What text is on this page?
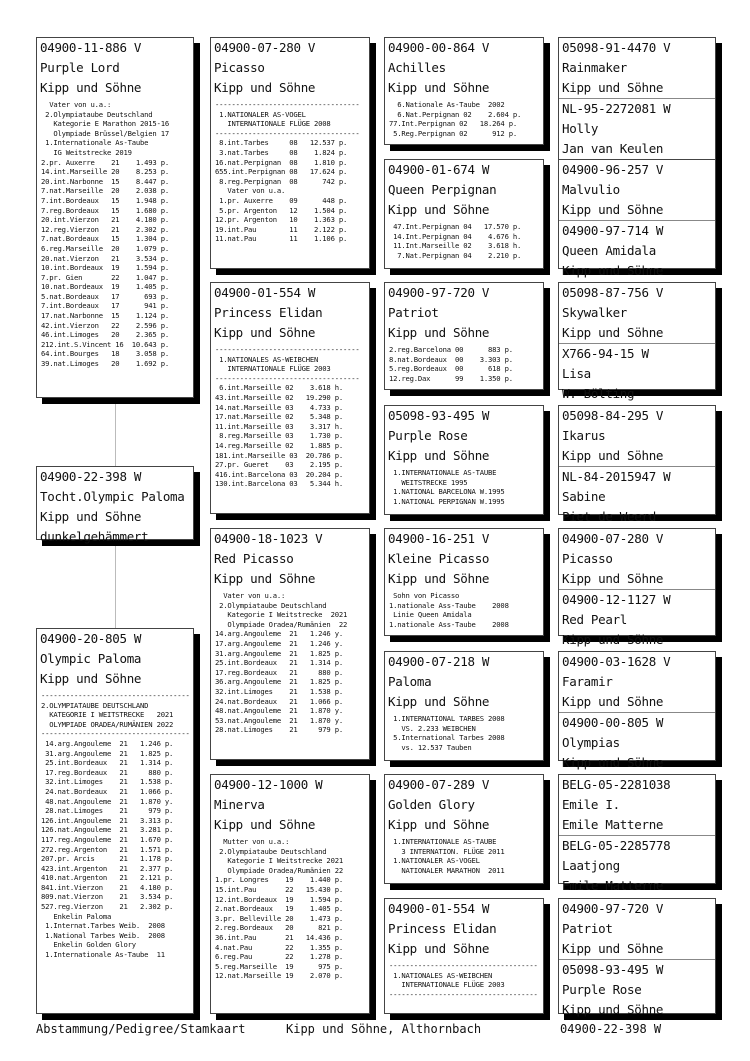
04900-11-886 V
Purple Lord
Kipp und Söhne
Vater von u.a.:
2.Olympiataube Deutschland
Kategorie E Marathon 2015-16
Olympiade Brüssel/Belgien 17
1.Internationale As-Taube
IG Weitstrecke 2019
2.pr. Auxerre    21    1.493 p.
14.int.Marseille 20    8.253 p.
20.int.Narbonne  15    8.447 p.
7.nat.Marseille  20    2.038 p.
7.int.Bordeaux   15    1.948 p.
7.reg.Bordeaux   15    1.680 p.
20.int.Vierzon   21    4.180 p.
12.reg.Vierzon   21    2.302 p.
7.nat.Bordeaux   15    1.304 p.
6.reg.Marseille  20    1.079 p.
20.nat.Vierzon   21    3.534 p.
10.int.Bordeaux  19    1.594 p.
7.pr. Gien       22    1.047 p.
10.nat.Bordeaux  19    1.405 p.
5.nat.Bordeaux   17      693 p.
7.int.Bordeaux   17      941 p.
17.nat.Narbonne  15    1.124 p.
42.int.Vierzon   22    2.596 p.
46.int.Limoges   20    2.365 p.
212.int.S.Vincent 16  10.643 p.
64.int.Bourges   18    3.058 p.
39.nat.Limoges   20    1.692 p.
04900-22-398 W
Tocht.Olympic Paloma
Kipp und Söhne
dunkelgehämmert
04900-20-805 W
Olympic Paloma
Kipp und Söhne
------------------------------------
2.OLYMPIATAUBE DEUTSCHLAND
KATEGORIE I WEITSTRECKE   2021
OLYMPIADE ORADEA/RUMÄNIEN 2022
------------------------------------
14.arg.Angouleme  21   1.246 p.
31.arg.Angouleme  21   1.825 p.
25.int.Bordeaux   21   1.314 p.
17.reg.Bordeaux   21     880 p.
32.int.Limoges    21   1.538 p.
24.nat.Bordeaux   21   1.066 p.
48.nat.Angouleme  21   1.870 y.
28.nat.Limoges    21     979 p.
126.int.Angouleme  21   3.313 p.
126.nat.Angouleme  21   3.281 p.
117.reg.Angouleme  21   1.670 p.
272.reg.Argenton   21   1.571 p.
207.pr. Arcis      21   1.178 p.
423.int.Argenton   21   2.377 p.
410.nat.Argenton   21   2.121 p.
841.int.Vierzon    21   4.180 p.
809.nat.Vierzon    21   3.534 p.
527.reg.Vierzon    21   2.302 p.
Enkelin Paloma
1.Internat.Tarbes Weib.  2008
1.National Tarbes Weib.  2008
Enkelin Golden Glory
1.Internationale As-Taube  11
04900-07-280 V
Picasso
Kipp und Söhne
-----------------------------------
1.NATIONALER AS-VOGEL
INTERNATIONALE FLÜGE 2008
-----------------------------------
8.int.Tarbes     08   12.537 p.
3.nat.Tarbes     08    1.824 p.
16.nat.Perpignan  08    1.810 p.
655.int.Perpignan 08   17.624 p.
8.reg.Perpignan  08      742 p.
Vater von u.a.
1.pr. Auxerre    09      448 p.
5.pr. Argenton   12    1.504 p.
12.pr. Argenton   10    1.363 p.
19.int.Pau        11    2.122 p.
11.nat.Pau        11    1.106 p.
04900-01-554 W
Princess Elidan
Kipp und Söhne
-----------------------------------
1.NATIONALES AS-WEIBCHEN
INTERNATIONALE FLÜGE 2003
-----------------------------------
6.int.Marseille 02    3.618 h.
43.int.Marseille 02   19.290 p.
14.nat.Marseille 03    4.733 p.
17.nat.Marseille 02    5.348 p.
11.int.Marseille 03    3.317 h.
8.reg.Marseille 03    1.730 p.
14.reg.Marseille 02    1.885 p.
181.int.Marseille 03  20.786 p.
27.pr. Gueret    03    2.195 p.
416.int.Barcelona 03  20.204 p.
130.int.Barcelona 03   5.344 h.
04900-18-1023 V
Red Picasso
Kipp und Söhne
Vater von u.a.:
2.Olympiataube Deutschland
Kategorie I Weitstrecke  2021
Olympiade Oradea/Rumänien  22
14.arg.Angouleme  21   1.246 y.
17.arg.Angouleme  21   1.246 y.
31.arg.Angouleme  21   1.825 p.
25.int.Bordeaux   21   1.314 p.
17.reg.Bordeaux   21     880 p.
36.arg.Angouleme  21   1.825 p.
32.int.Limoges    21   1.538 p.
24.nat.Bordeaux   21   1.066 p.
48.nat.Angouleme  21   1.870 y.
53.nat.Angouleme  21   1.870 y.
28.nat.Limoges    21     979 p.
04900-12-1000 W
Minerva
Kipp und Söhne
Mutter von u.a.:
2.Olympiataube Deutschland
Kategorie I Weitstrecke 2021
Olympiade Oradea/Rumänien 22
1.pr. Longres    19    1.440 p.
15.int.Pau       22   15.430 p.
12.int.Bordeaux  19    1.594 p.
2.nat.Bordeaux   19    1.405 p.
3.pr. Belleville 20    1.473 p.
2.reg.Bordeaux   20      821 p.
36.int.Pau       21   14.436 p.
4.nat.Pau        22    1.355 p.
6.reg.Pau        22    1.278 p.
5.reg.Marseille  19      975 p.
12.nat.Marseille 19    2.070 p.
04900-00-864 V
Achilles
Kipp und Söhne
6.Nationale As-Taube  2002
6.Nat.Perpignan 02    2.604 p.
77.Int.Perpignan 02   18.264 p.
5.Reg.Perpignan 02      912 p.
04900-01-674 W
Queen Perpignan
Kipp und Söhne
47.Int.Perpignan 04   17.570 p.
14.Int.Perpignan 04    4.676 h.
11.Int.Marseille 02    3.618 h.
7.Nat.Perpignan 04    2.210 p.
04900-97-720 V
Patriot
Kipp und Söhne
2.reg.Barcelona 00      883 p.
8.nat.Bordeaux  00    3.303 p.
5.reg.Bordeaux  00      618 p.
12.reg.Dax      99    1.350 p.
05098-93-495 W
Purple Rose
Kipp und Söhne
1.INTERNATIONALE AS-TAUBE
WEITSTRECKE 1995
1.NATIONAL BARCELONA W.1995
1.NATIONAL PERPIGNAN W.1995
04900-16-251 V
Kleine Picasso
Kipp und Söhne
Sohn von Picasso
1.nationale Ass-Taube    2008
Linie Queen Amidala
1.nationale Ass-Taube    2008
04900-07-218 W
Paloma
Kipp und Söhne
1.INTERNATIONAL TARBES 2008
VS. 2.233 WEIBCHEN
5.International Tarbes 2008
vs. 12.537 Tauben
04900-07-289 V
Golden Glory
Kipp und Söhne
1.INTERNATIONALE AS-TAUBE
3 INTERNATION. FLÜGE 2011
1.NATIONALER AS-VOGEL
NATIONALER MARATHON  2011
04900-01-554 W
Princess Elidan
Kipp und Söhne
------------------------------------
1.NATIONALES AS-WEIBCHEN
INTERNATIONALE FLÜGE 2003
------------------------------------
05098-91-4470 V
Rainmaker
Kipp und Söhne
NL-95-2272081 W
Holly
Jan van Keulen
04900-96-257 V
Malvulio
Kipp und Söhne
04900-97-714 W
Queen Amidala
Kipp und Söhne
05098-87-756 V
Skywalker
Kipp und Söhne
X766-94-15 W
Lisa
W. Bölting
05098-84-295 V
Ikarus
Kipp und Söhne
NL-84-2015947 W
Sabine
Piet de Weerd
04900-07-280 V
Picasso
Kipp und Söhne
04900-12-1127 W
Red Pearl
Kipp und Söhne
04900-03-1628 V
Faramir
Kipp und Söhne
04900-00-805 W
Olympias
Kipp und Söhne
BELG-05-2281038
Emile I.
Emile Matterne
BELG-05-2285778
Laatjong
Emile Matterne
04900-97-720 V
Patriot
Kipp und Söhne
05098-93-495 W
Purple Rose
Kipp und Söhne
Abstammung/Pedigree/Stamkaart	Kipp und Söhne, Althornbach	04900-22-398 W
